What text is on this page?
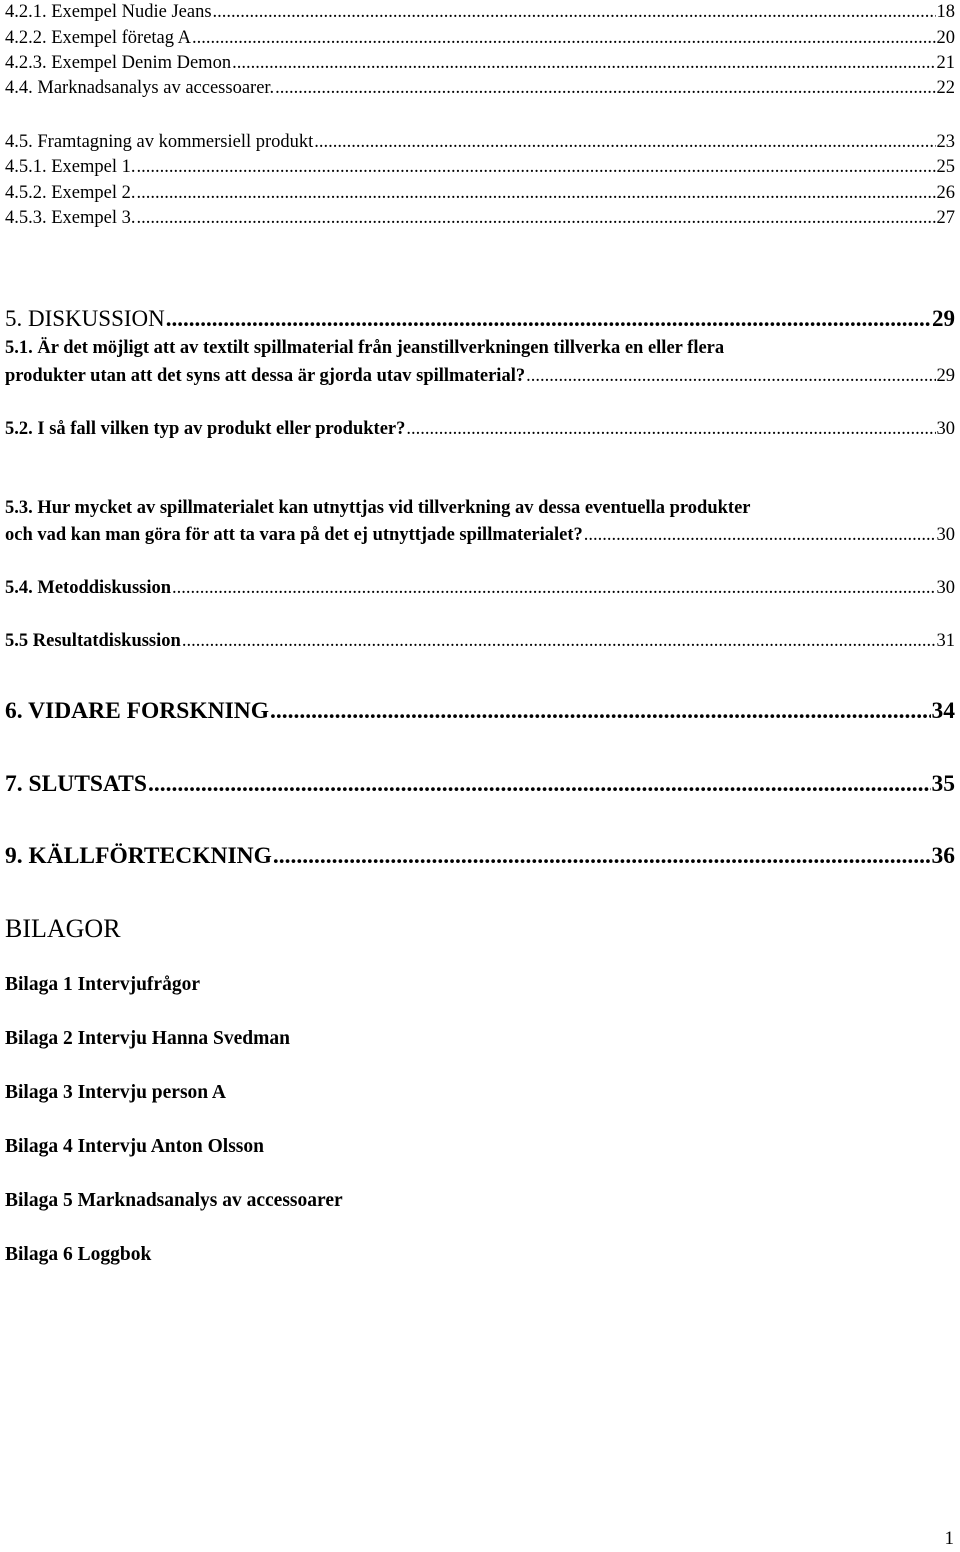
4.2.1. Exempel Nudie Jeans .....	18
4.2.2. Exempel företag A .....	20
4.2.3. Exempel Denim Demon .....	21
4.4. Marknadsanalys av accessoarer. .....	22
4.5. Framtagning av kommersiell produkt .....	23
4.5.1. Exempel 1. .....	25
4.5.2. Exempel 2. .....	26
4.5.3. Exempel 3. .....	27
5. DISKUSSION .....	29
5.1. Är det möjligt att av textilt spillmaterial från jeanstillverkningen tillverka en eller flera
produkter utan att det syns att dessa är gjorda utav spillmaterial? .....	29
5.2. I så fall vilken typ av produkt eller produkter? .....	30
5.3. Hur mycket av spillmaterialet kan utnyttjas vid tillverkning av dessa eventuella produkter
och vad kan man göra för att ta vara på det ej utnyttjade spillmaterialet? .....	30
5.4. Metoddiskussion .....	30
5.5 Resultatdiskussion .....	31
6. VIDARE FORSKNING .....	34
7. SLUTSATS .....	35
9. KÄLLFÖRTECKNING .....	36
BILAGOR
Bilaga 1 Intervjufrågor
Bilaga 2 Intervju Hanna Svedman
Bilaga 3 Intervju person A
Bilaga 4 Intervju Anton Olsson
Bilaga 5 Marknadsanalys av accessoarer
Bilaga 6 Loggbok
1
